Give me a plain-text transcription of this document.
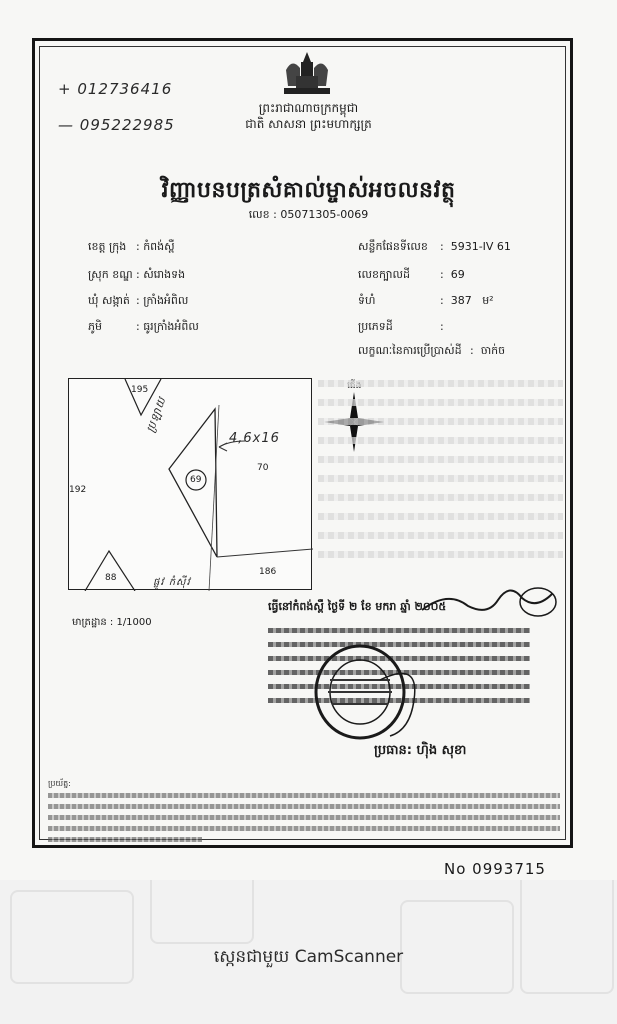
+ 012736416
— 095222985
ព្រះរាជាណាចក្រកម្ពុជា
ជាតិ សាសនា ព្រះមហាក្សត្រ
វិញ្ញាបនបត្រសំគាល់ម្ចាស់អចលនវត្ថុ
លេខ : 05071305-0069
ខេត្ត ក្រុង : កំពង់ស្ពឺ
ស្រុក ខណ្ឌ : សំរោងទង
ឃុំ សង្កាត់ : ក្រាំងអំពិល
ភូមិ	: ធូរក្រាំងអំពិល
សន្លឹកផែនទីលេខ :  5931-IV 61
លេខក្បាលដី	:  69
ទំហំ	:  387 ម²
ប្រភេទដី	:
លក្ខណៈនៃការប្រើប្រាស់ដី :  ចាក់ច
195
70
69
192
88
186
4,6x16
ប្រឡាយ
ផ្លូវ កំស៊ីវ
មាត្រដ្ឋាន : 1/1000
ធ្វើនៅកំពង់ស្ពឺ ថ្ងៃទី ២ ខែ មករា ឆ្នាំ ២០០៥
ប្រធាន: ហ៊ិង សុខា
ប្រយ័ត្ន:
No 0993715
ស្កេនជាមួយ CamScanner
